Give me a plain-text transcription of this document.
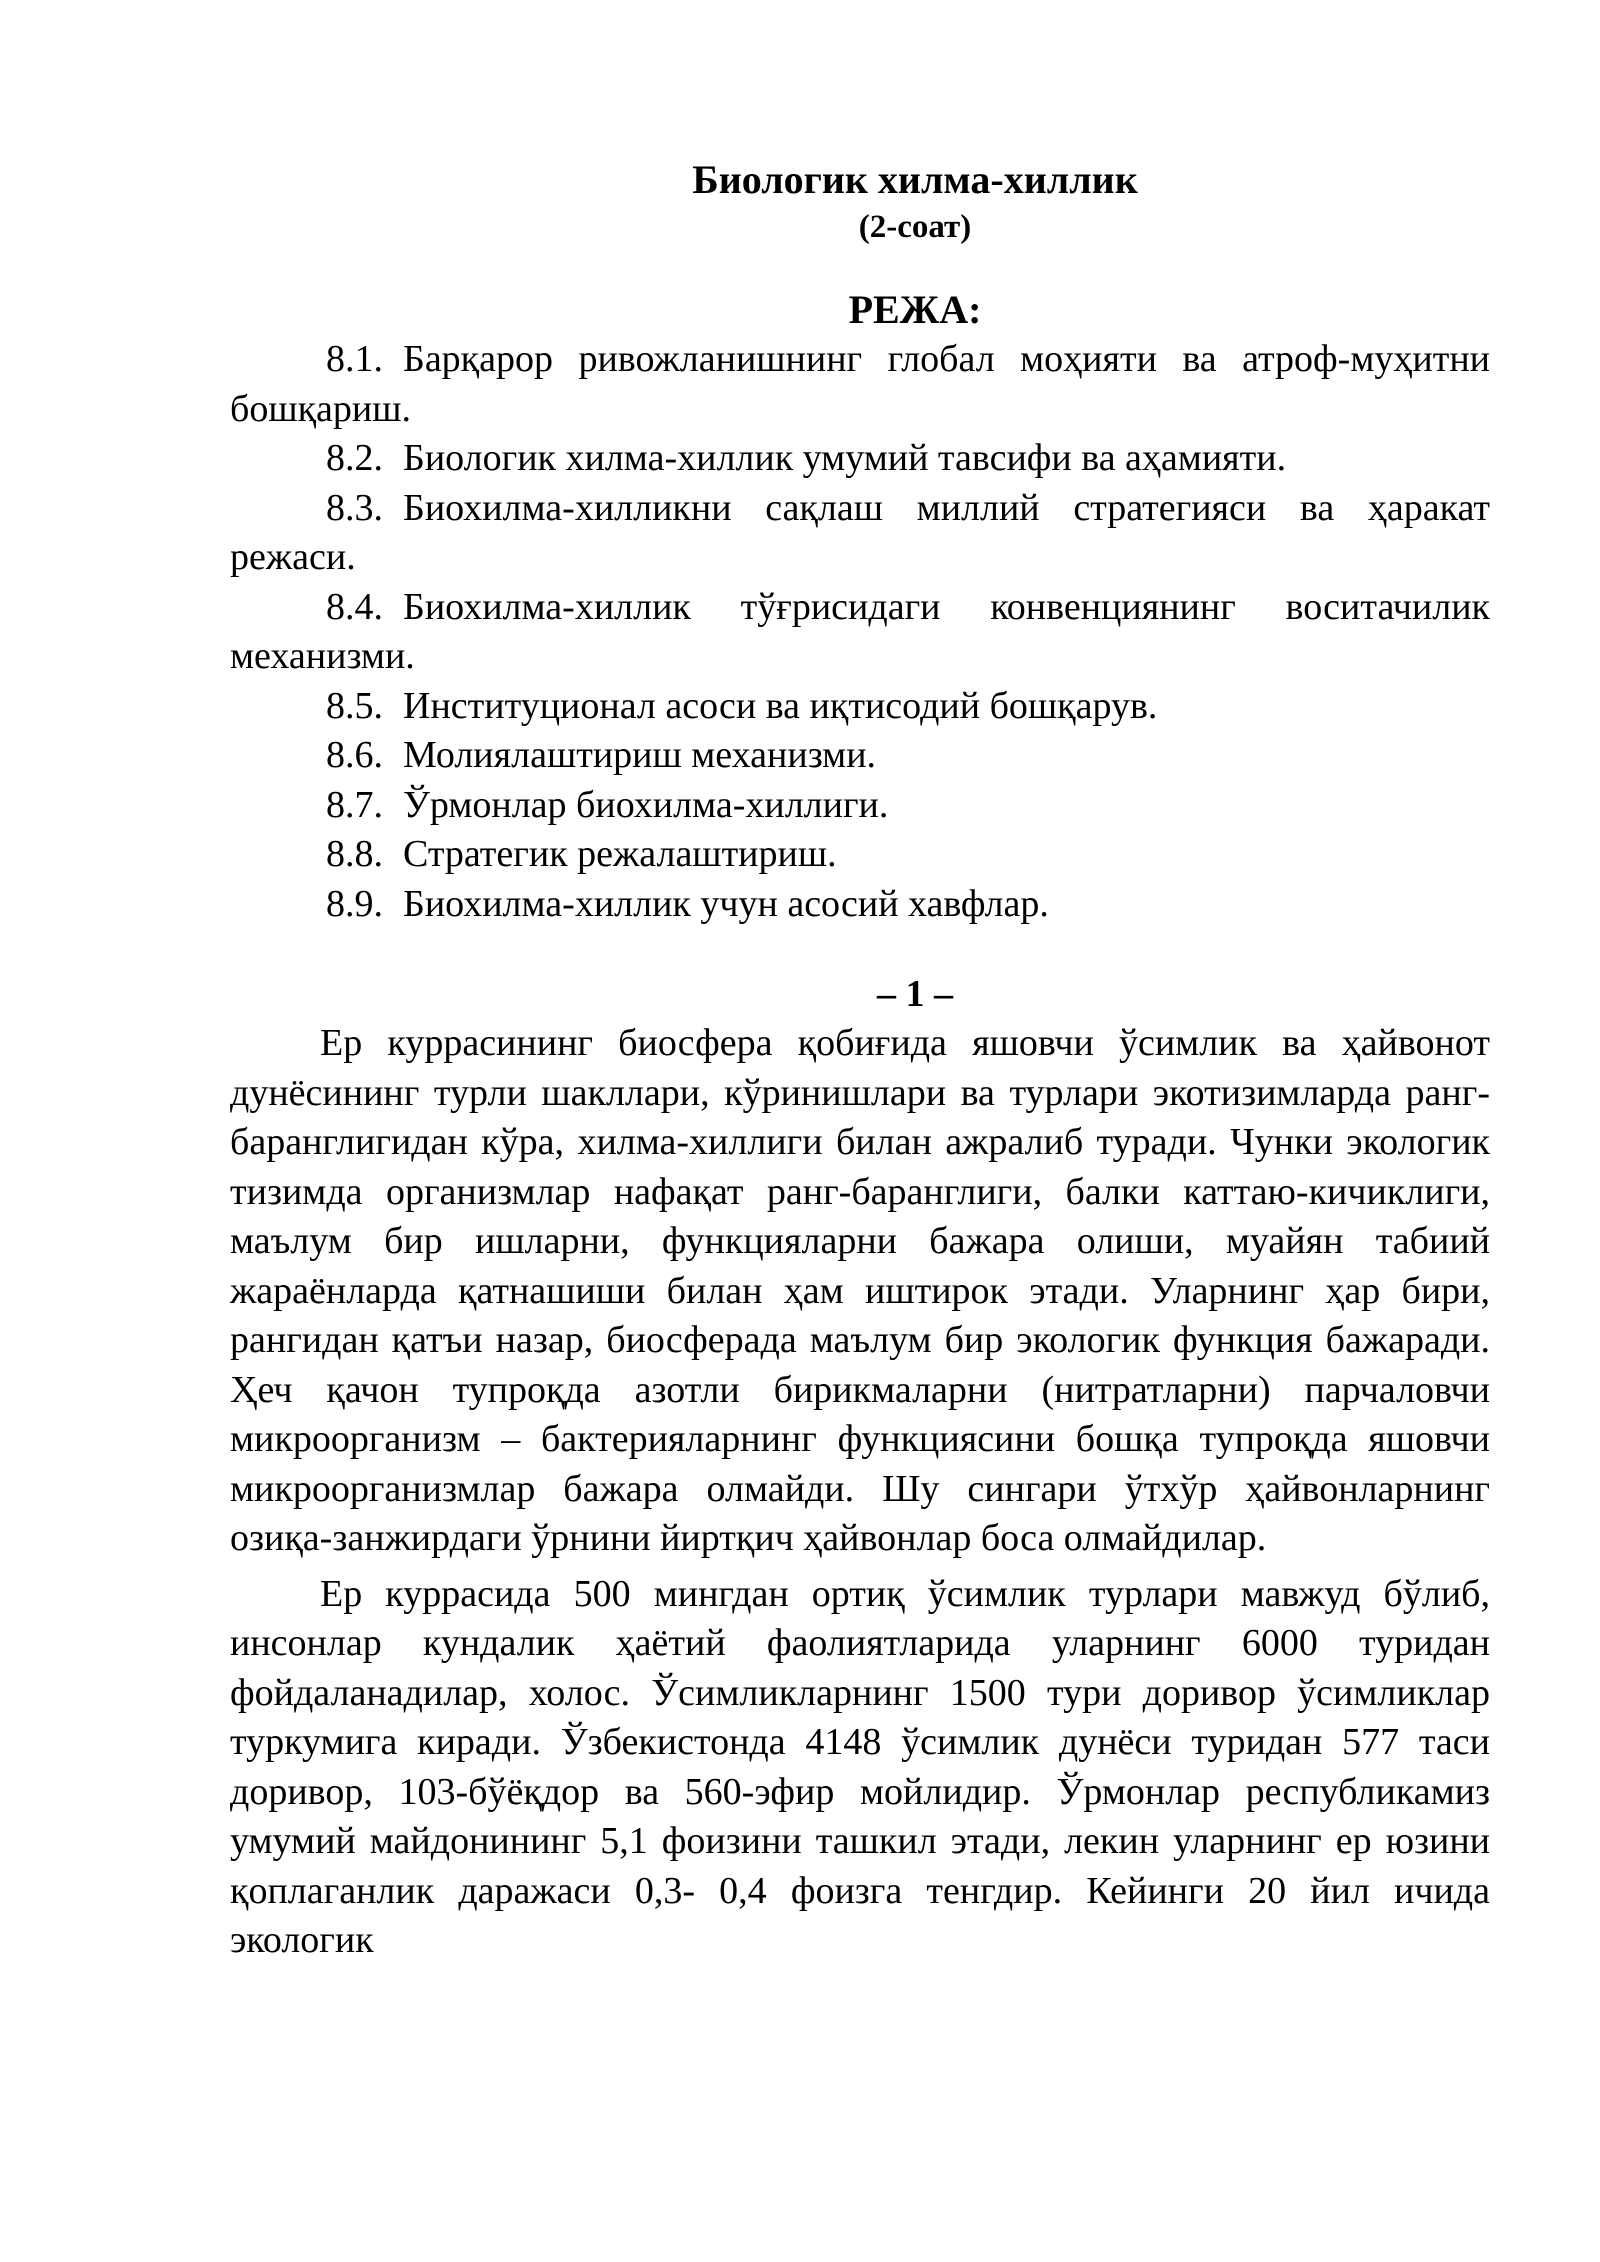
Биологик хилма-хиллик
(2-соат)
РЕЖА:
8.1. Барқарор ривожланишнинг глобал моҳияти ва атроф-муҳитни бошқариш.
8.2. Биологик хилма-хиллик умумий тавсифи ва аҳамияти.
8.3. Биохилма-хилликни сақлаш миллий стратегияси ва ҳаракат режаси.
8.4. Биохилма-хиллик тўғрисидаги конвенциянинг воситачилик механизми.
8.5. Институционал асоси ва иқтисодий бошқарув.
8.6. Молиялаштириш механизми.
8.7. Ўрмонлар биохилма-хиллиги.
8.8. Стратегик режалаштириш.
8.9. Биохилма-хиллик учун асосий хавфлар.
– 1 –

Ер куррасининг биосфера қобиғида яшовчи ўсимлик ва ҳайвонот дунёсининг турли шакллари, кўринишлари ва турлари экотизимларда ранг-баранглигидан кўра, хилма-хиллиги билан ажралиб туради. Чунки экологик тизимда организмлар нафақат ранг-баранглиги, балки каттаю-кичиклиги, маълум бир ишларни, функцияларни бажара олиши, муайян табиий жараёнларда қатнашиши билан ҳам иштирок этади. Уларнинг ҳар бири, рангидан қатъи назар, биосферада маълум бир экологик функция бажаради. Ҳеч қачон тупроқда азотли бирикмаларни (нитратларни) парчаловчи микроорганизм – бактерияларнинг функциясини бошқа тупроқда яшовчи микроорганизмлар бажара олмайди. Шу сингари ўтхўр ҳайвонларнинг озиқа-занжирдаги ўрнини йиртқич ҳайвонлар боса олмайдилар.

Ер куррасида 500 мингдан ортиқ ўсимлик турлари мавжуд бўлиб, инсонлар кундалик ҳаётий фаолиятларида уларнинг 6000 туридан фойдаланадилар, холос. Ўсимликларнинг 1500 тури доривор ўсимликлар туркумига киради. Ўзбекистонда 4148 ўсимлик дунёси туридан 577 таси доривор, 103-бўёқдор ва 560-эфир мойлидир. Ўрмонлар республикамиз умумий майдонининг 5,1 фоизини ташкил этади, лекин уларнинг ер юзини қоплаганлик даражаси 0,3- 0,4 фоизга тенгдир. Кейинги 20 йил ичида экологик
